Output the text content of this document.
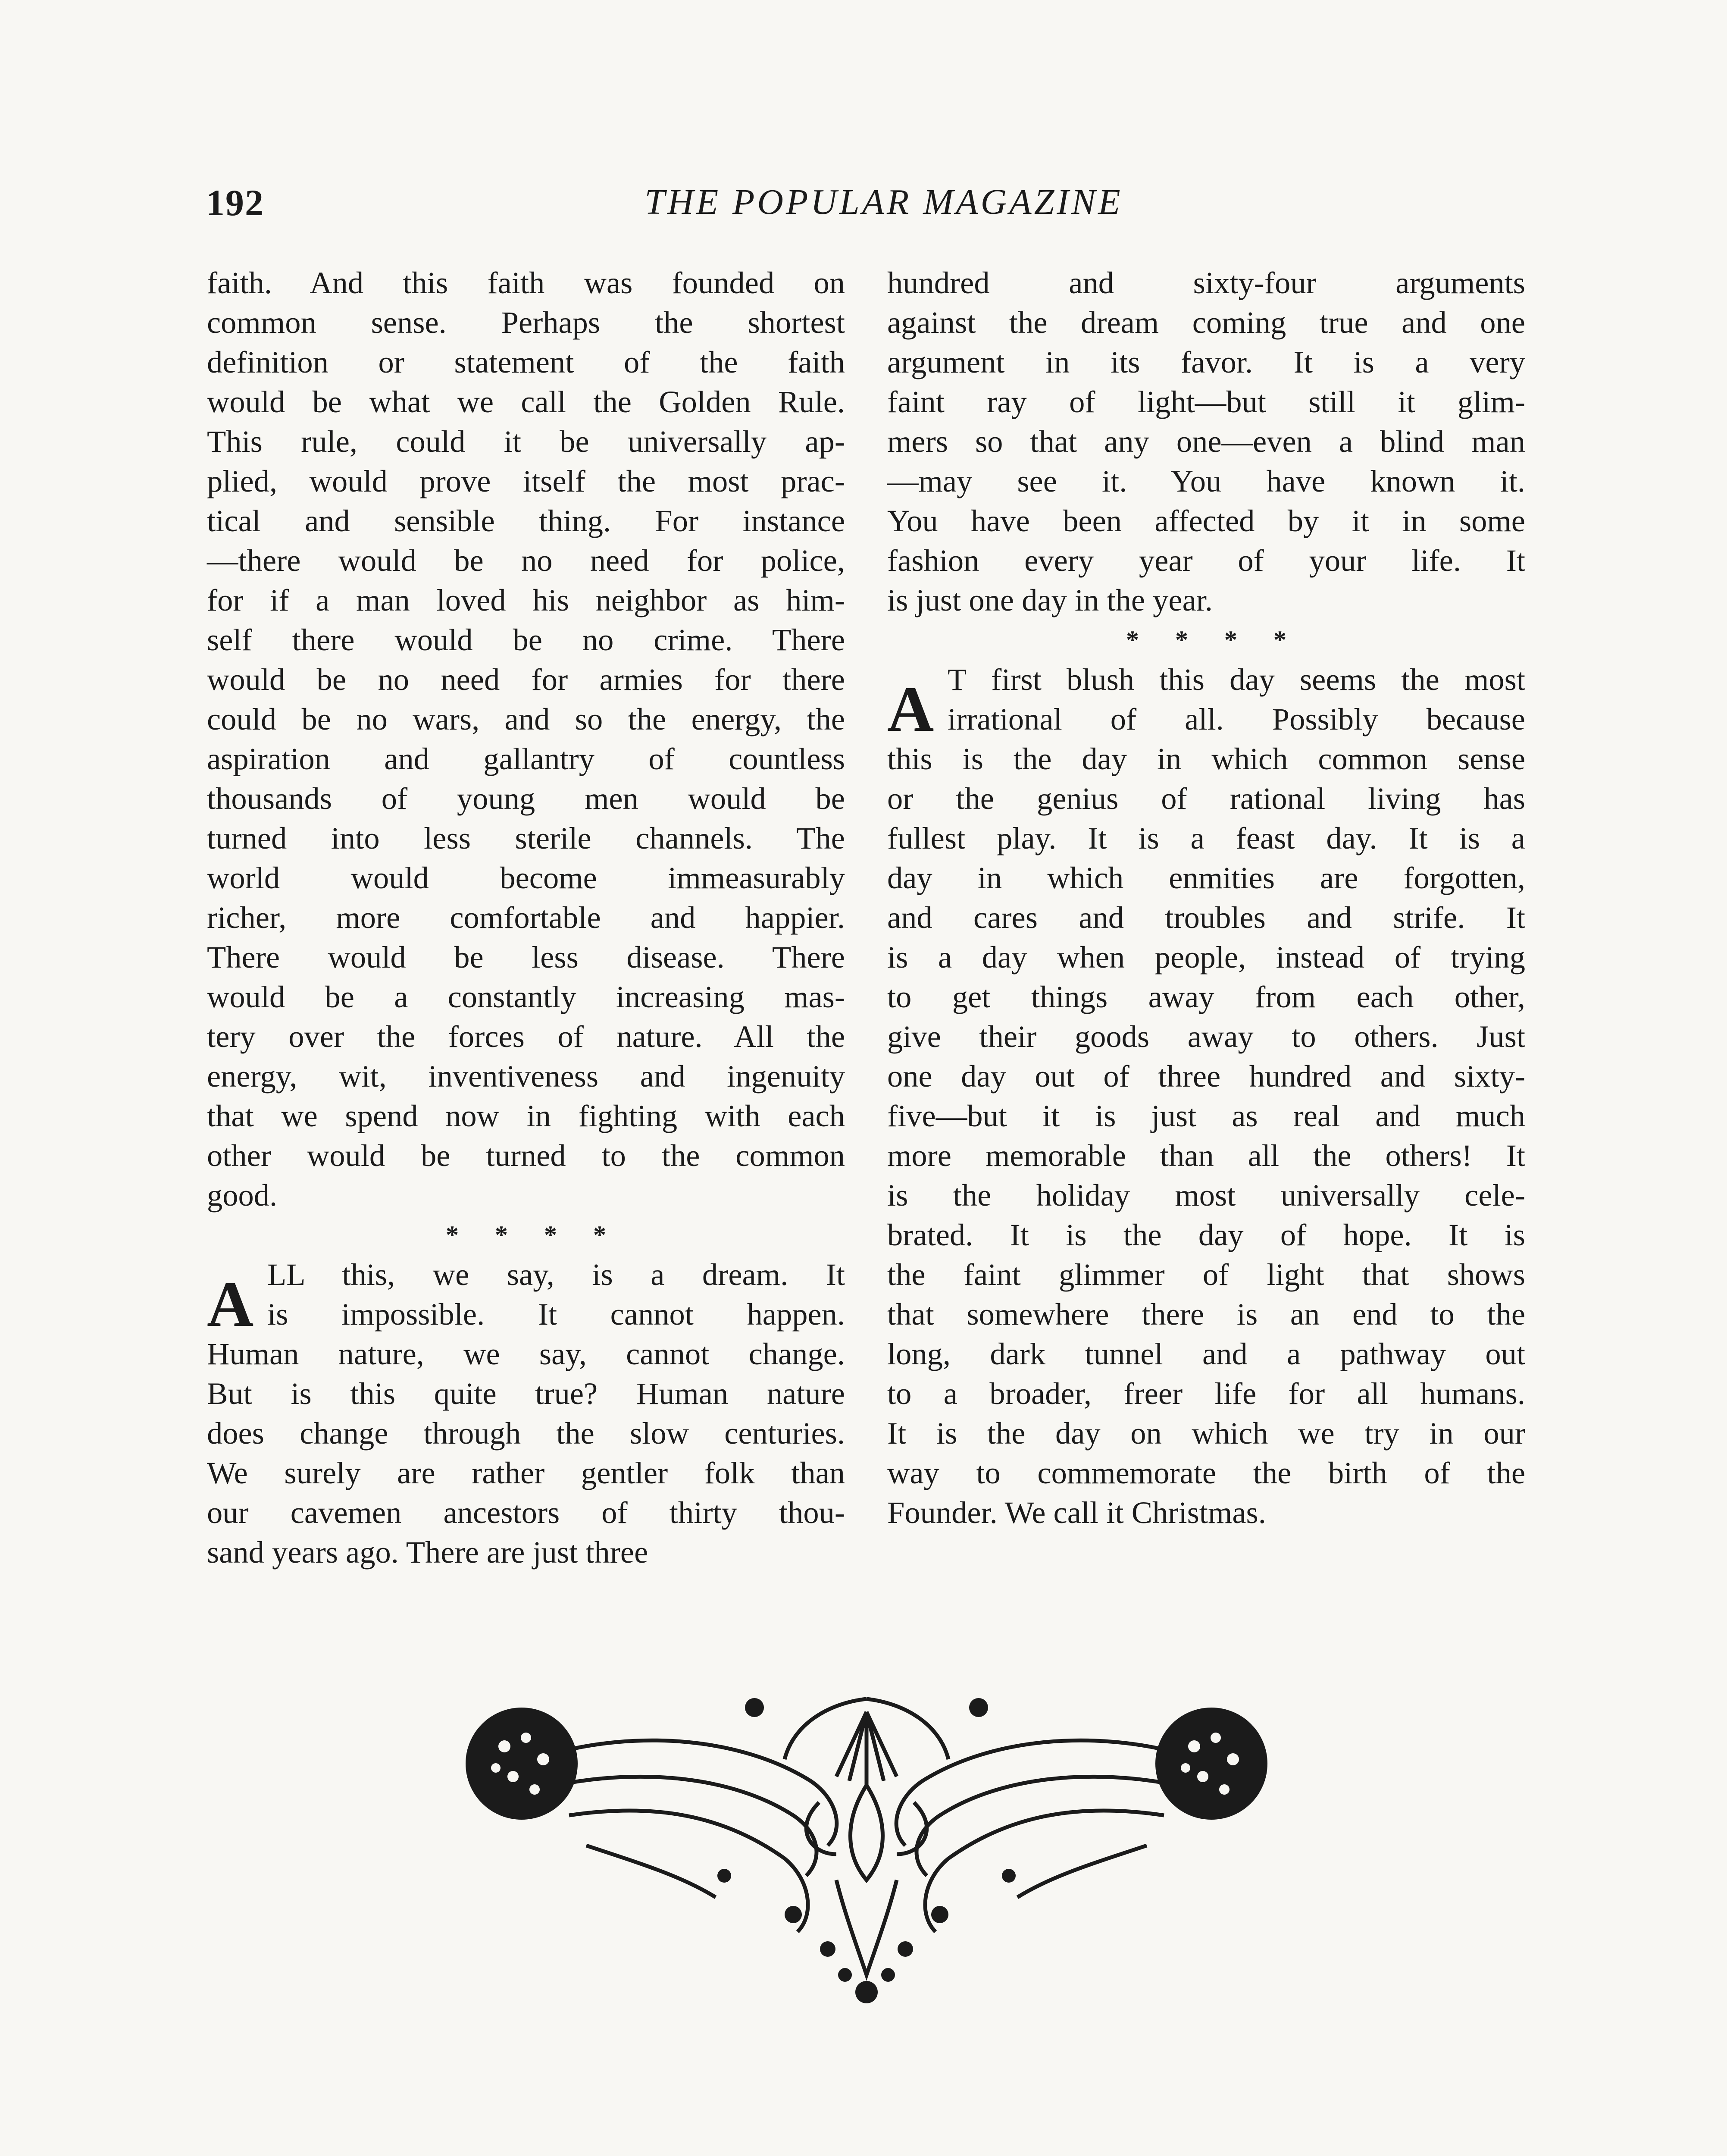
192	THE POPULAR MAGAZINE
faith. And this faith was founded on
common sense. Perhaps the shortest
definition or statement of the faith
would be what we call the Golden Rule.
This rule, could it be universally ap-
plied, would prove itself the most prac-
tical and sensible thing. For instance
—there would be no need for police,
for if a man loved his neighbor as him-
self there would be no crime. There
would be no need for armies for there
could be no wars, and so the energy, the
aspiration and gallantry of countless
thousands of young men would be
turned into less sterile channels. The
world would become immeasurably
richer, more comfortable and happier.
There would be less disease. There
would be a constantly increasing mas-
tery over the forces of nature. All the
energy, wit, inventiveness and ingenuity
that we spend now in fighting with each
other would be turned to the common
good.
* * * *
A LL this, we say, is a dream. It
is impossible. It cannot happen.
Human nature, we say, cannot change.
But is this quite true? Human nature
does change through the slow centuries.
We surely are rather gentler folk than
our cavemen ancestors of thirty thou-
sand years ago. There are just three
hundred and sixty-four arguments
against the dream coming true and one
argument in its favor. It is a very
faint ray of light—but still it glim-
mers so that any one—even a blind man
—may see it. You have known it.
You have been affected by it in some
fashion every year of your life. It
is just one day in the year.
* * * *
A T first blush this day seems the most
irrational of all. Possibly because
this is the day in which common sense
or the genius of rational living has
fullest play. It is a feast day. It is a
day in which enmities are forgotten,
and cares and troubles and strife. It
is a day when people, instead of trying
to get things away from each other,
give their goods away to others. Just
one day out of three hundred and sixty-
five—but it is just as real and much
more memorable than all the others! It
is the holiday most universally cele-
brated. It is the day of hope. It is
the faint glimmer of light that shows
that somewhere there is an end to the
long, dark tunnel and a pathway out
to a broader, freer life for all humans.
It is the day on which we try in our
way to commemorate the birth of the
Founder. We call it Christmas.
